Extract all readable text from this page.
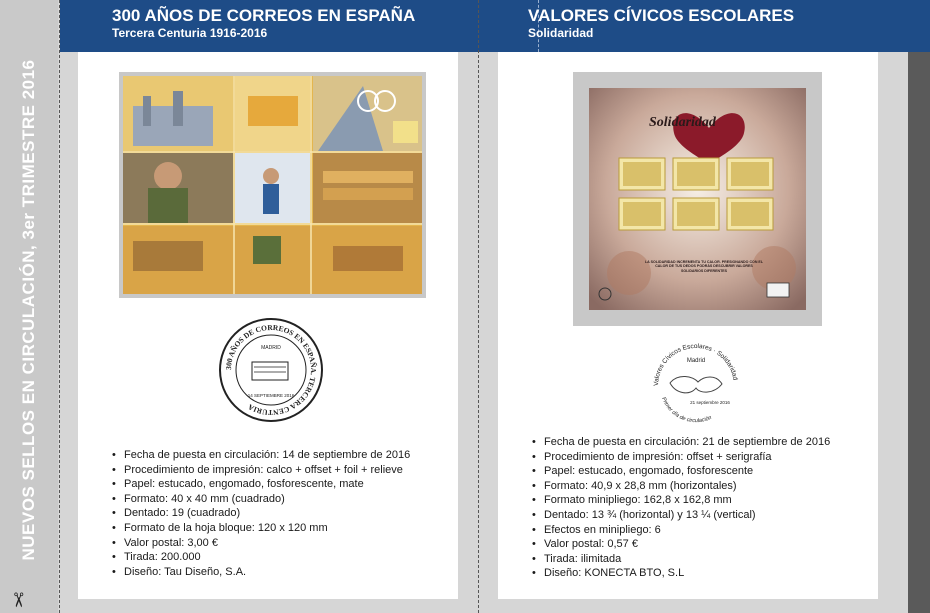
NUEVOS SELLOS EN CIRCULACIÓN, 3er TRIMESTRE 2016
✂
300 AÑOS DE CORREOS EN ESPAÑA
Tercera Centuria 1916-2016
VALORES CÍVICOS ESCOLARES
Solidaridad
300 AÑOS DE CORREOS EN ESPAÑA. TERCERA CENTURIA
MADRID
14 SEPTIEMBRE 2016
• Fecha de puesta en circulación: 14 de septiembre de 2016
• Procedimiento de impresión: calco + offset + foil + relieve
• Papel: estucado, engomado, fosforescente, mate
• Formato: 40 x 40 mm (cuadrado)
• Dentado: 19 (cuadrado)
• Formato de la hoja bloque: 120 x 120 mm
• Valor postal: 3,00 €
• Tirada: 200.000
• Diseño: Tau Diseño, S.A.
Solidaridad
LA SOLIDARIDAD INCREMENTA TU CALOR. PRESIONANDO CON EL CALOR DE TUS DEDOS PODRÁS DESCUBRIR VALORES SOLIDARIOS DIFERENTES
Valores Cívicos Escolares · Solidaridad
Madrid
21 septiembre 2016
Primer día de circulación
• Fecha de puesta en circulación: 21 de septiembre de 2016
• Procedimiento de impresión: offset + serigrafía
• Papel: estucado, engomado, fosforescente
• Formato: 40,9 x 28,8 mm (horizontales)
• Formato minipliego: 162,8 x 162,8 mm
• Dentado: 13 ¾ (horizontal) y 13 ¼ (vertical)
• Efectos en minipliego: 6
• Valor postal: 0,57 €
• Tirada: ilimitada
• Diseño: KONECTA BTO, S.L
